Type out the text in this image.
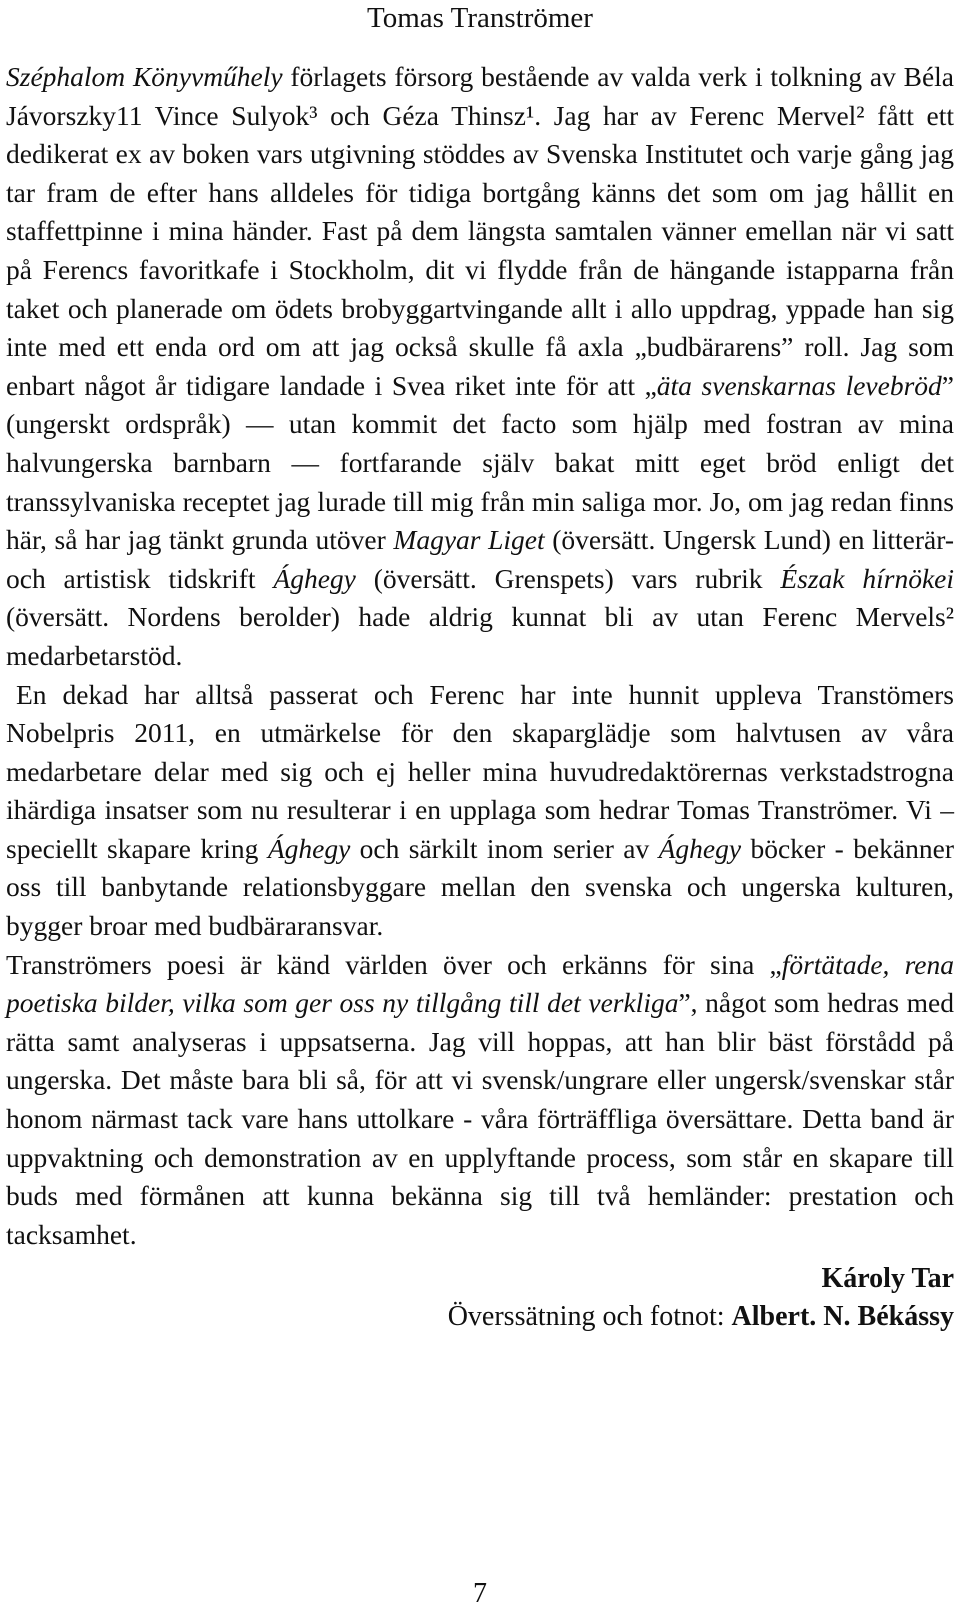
Tomas Tranströmer

Széphalom Könyvműhely förlagets försorg bestående av valda verk i tolkning av Béla Jávorszky11 Vince Sulyok³ och Géza Thinsz¹. Jag har av Ferenc Mervel² fått ett dedikerat ex av boken vars utgivning stöddes av Svenska Institutet och varje gång jag tar fram de efter hans alldeles för tidiga bortgång känns det som om jag hållit en staffettpinne i mina händer. Fast på dem längsta samtalen vänner emellan när vi satt på Ferencs favoritkafe i Stockholm, dit vi flydde från de hängande istapparna från taket och planerade om ödets brobyggartvingande allt i allo uppdrag, yppade han sig inte med ett enda ord om att jag också skulle få axla „budbärarens” roll. Jag som enbart något år tidigare landade i Svea riket inte för att „äta svenskarnas levebröd” (ungerskt ordspråk) — utan kommit det facto som hjälp med fostran av mina halvungerska barnbarn — fortfarande själv bakat mitt eget bröd enligt det transsylvaniska receptet jag lurade till mig från min saliga mor. Jo, om jag redan finns här, så har jag tänkt grunda utöver Magyar Liget (översätt. Ungersk Lund) en litterär- och artistisk tidskrift Ághegy (översätt. Grenspets) vars rubrik Észak hírnökei (översätt. Nordens berolder) hade aldrig kunnat bli av utan Ferenc Mervels² medarbetarstöd.

En dekad har alltså passerat och Ferenc har inte hunnit uppleva Transtömers Nobelpris 2011, en utmärkelse för den skaparglädje som halvtusen av våra medarbetare delar med sig och ej heller mina huvudredaktörernas verkstadstrogna ihärdiga insatser som nu resulterar i en upplaga som hedrar Tomas Tranströmer. Vi – speciellt skapare kring Ághegy och särkilt inom serier av Ághegy böcker - bekänner oss till banbytande relationsbyggare mellan den svenska och ungerska kulturen, bygger broar med budbäraransvar.

Tranströmers poesi är känd världen över och erkänns för sina „förtätade, rena poetiska bilder, vilka som ger oss ny tillgång till det verkliga”, något som hedras med rätta samt analyseras i uppsatserna. Jag vill hoppas, att han blir bäst förstådd på ungerska. Det måste bara bli så, för att vi svensk/ungrare eller ungersk/svenskar står honom närmast tack vare hans uttolkare - våra förträffliga översättare. Detta band är uppvaktning och demonstration av en upplyftande process, som står en skapare till buds med förmånen att kunna bekänna sig till två hemländer: prestation och tacksamhet.

Károly Tar
Överssätning och fotnot: Albert. N. Békássy
7
